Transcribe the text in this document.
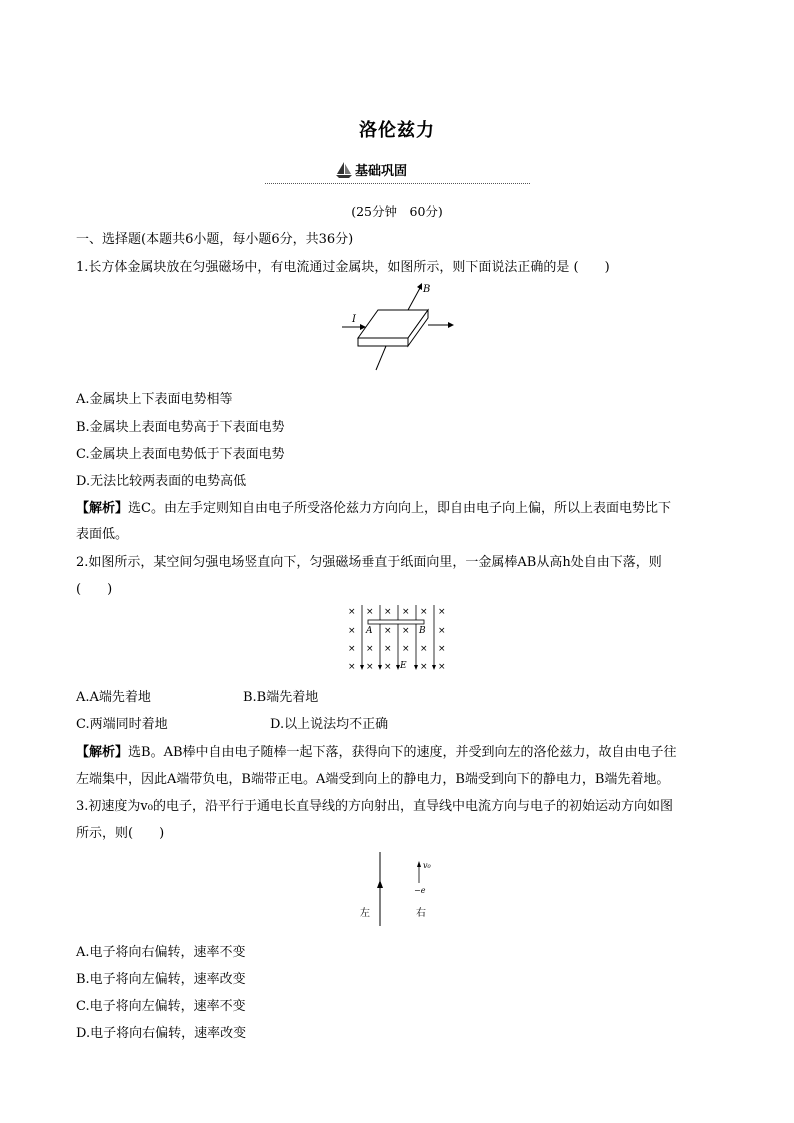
洛伦兹力
基础巩固
(25分钟　60分)
一、选择题(本题共6小题，每小题6分，共36分)
1.长方体金属块放在匀强磁场中，有电流通过金属块，如图所示，则下面说法正确的是 (　　)
B
I
A.金属块上下表面电势相等
B.金属块上表面电势高于下表面电势
C.金属块上表面电势低于下表面电势
D.无法比较两表面的电势高低
【解析】选C。由左手定则知自由电子所受洛伦兹力方向向上，即自由电子向上偏，所以上表面电势比下
表面低。
2.如图所示，某空间匀强电场竖直向下，匀强磁场垂直于纸面向里，一金属棒AB从高h处自由下落，则
(　　)
× × × × × ×
×	× ×	×
× × × × × ×
× × ×	× ×
A	B
E
A.A端先着地	B.B端先着地
C.两端同时着地	D.以上说法均不正确
【解析】选B。AB棒中自由电子随棒一起下落，获得向下的速度，并受到向左的洛伦兹力，故自由电子往
左端集中，因此A端带负电，B端带正电。A端受到向上的静电力，B端受到向下的静电力，B端先着地。
3.初速度为v₀的电子，沿平行于通电长直导线的方向射出，直导线中电流方向与电子的初始运动方向如图
所示，则(　　)
v₀
−e
左	右
A.电子将向右偏转，速率不变
B.电子将向左偏转，速率改变
C.电子将向左偏转，速率不变
D.电子将向右偏转，速率改变
